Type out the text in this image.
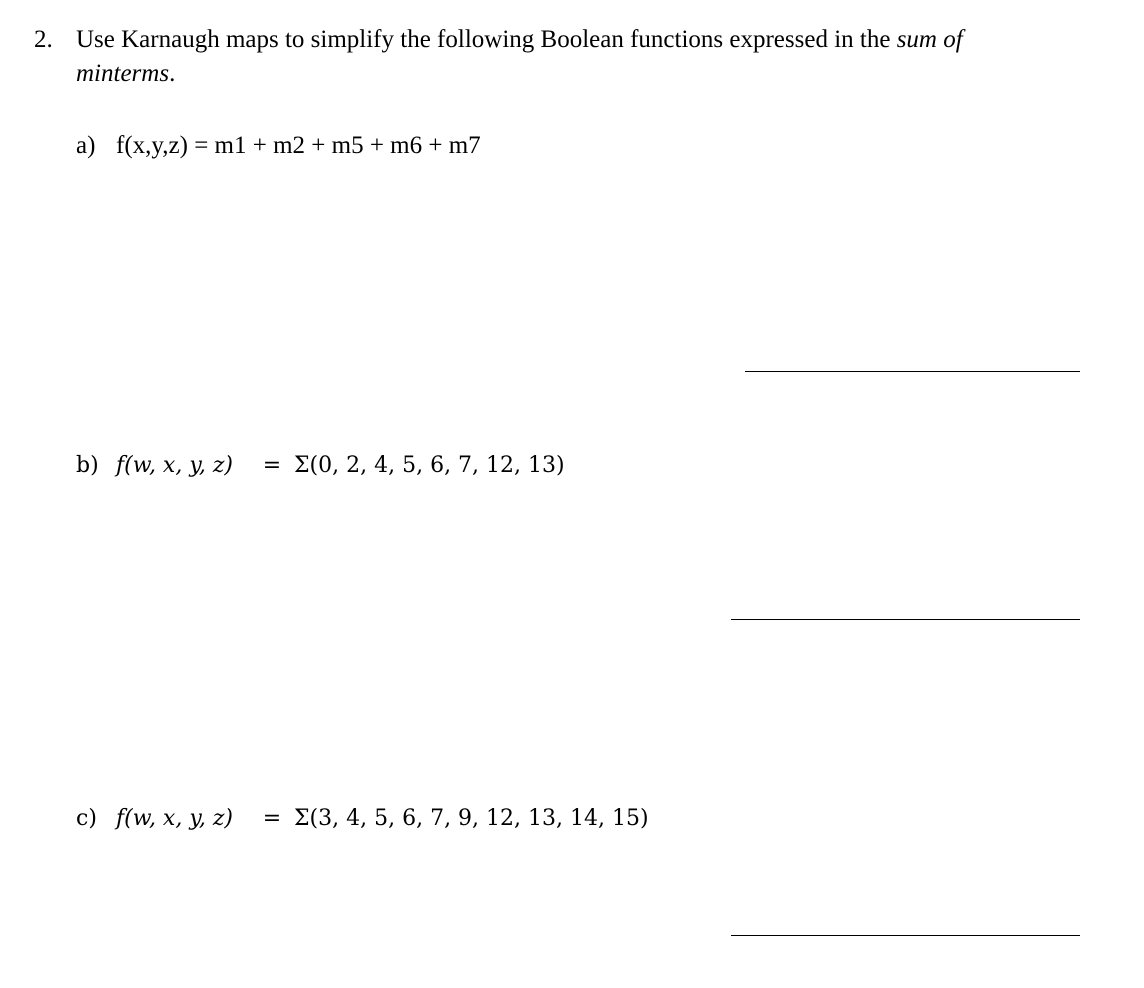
2. Use Karnaugh maps to simplify the following Boolean functions expressed in the sum of
minterms.
a) f(x,y,z) = m1 + m2 + m5 + m6 + m7
b) f(w, x, y, z) = Σ(0, 2, 4, 5, 6, 7, 12, 13)
c) f(w, x, y, z) = Σ(3, 4, 5, 6, 7, 9, 12, 13, 14, 15)
